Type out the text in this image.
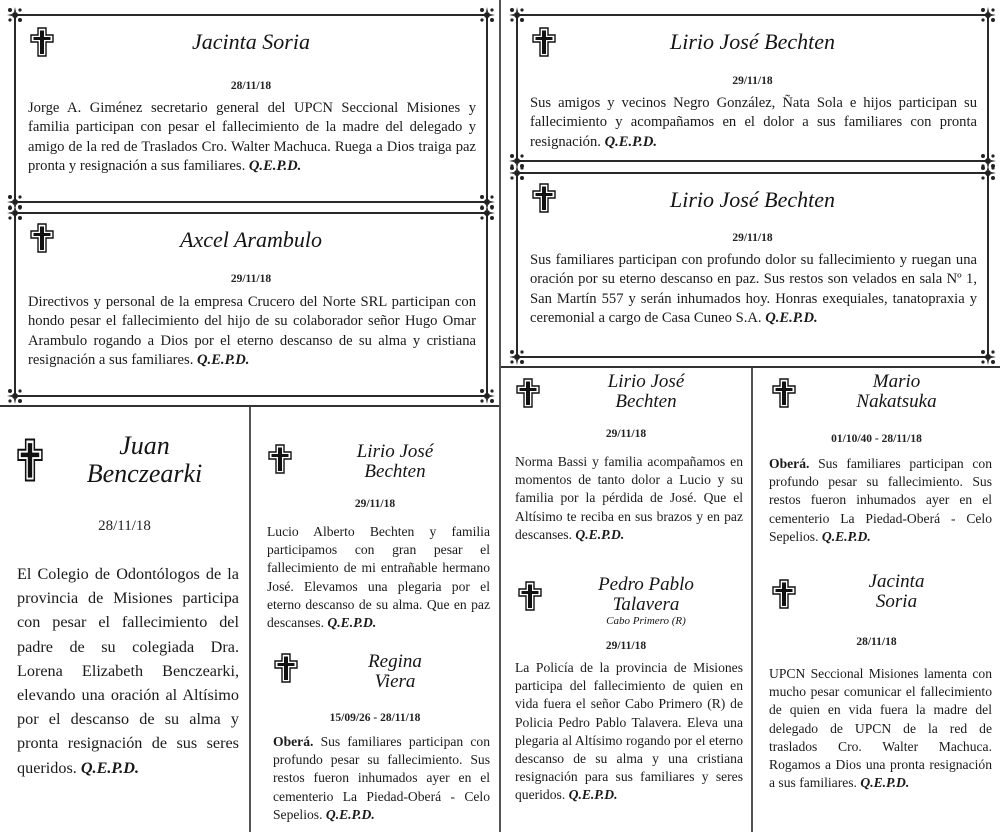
Jacinta Soria
28/11/18
Jorge A. Giménez secretario general del UPCN Seccional Misiones y familia participan con pesar el fallecimiento de la madre del delegado y amigo de la red de Traslados Cro. Walter Machuca. Ruega a Dios traiga paz pronta y resignación a sus familiares. Q.E.P.D.
Axcel Arambulo
29/11/18
Directivos y personal de la empresa Crucero del Norte SRL participan con hondo pesar el fallecimiento del hijo de su colaborador señor Hugo Omar Arambulo rogando a Dios por el eterno descanso de su alma y cristiana resignación a sus familiares. Q.E.P.D.
Juan
Benczearki
28/11/18
El Colegio de Odontólogos de la provincia de Misiones participa con pesar el fallecimiento del padre de su colegiada Dra. Lorena Elizabeth Benczearki, elevando una oración al Altísimo por el descanso de su alma y pronta resignación de sus seres queridos. Q.E.P.D.
Lirio José
Bechten
29/11/18
Lucio Alberto Bechten y familia participamos con gran pesar el fallecimiento de mi entrañable hermano José. Elevamos una plegaria por el eterno descanso de su alma. Que en paz descanses. Q.E.P.D.
Regina
Viera
15/09/26 - 28/11/18
Oberá. Sus familiares participan con profundo pesar su fallecimiento. Sus restos fueron inhumados ayer en el cementerio La Piedad-Oberá - Celo Sepelios. Q.E.P.D.
Lirio José Bechten
29/11/18
Sus amigos y vecinos Negro González, Ñata Sola e hijos participan su fallecimiento y acompañamos en el dolor a sus familiares con pronta resignación. Q.E.P.D.
Lirio José Bechten
29/11/18
Sus familiares participan con profundo dolor su fallecimiento y ruegan una oración por su eterno descanso en paz. Sus restos son velados en sala Nº 1, San Martín 557 y serán inhumados hoy. Honras exequiales, tanatopraxia y ceremonial a cargo de Casa Cuneo S.A. Q.E.P.D.
Lirio José
Bechten
29/11/18
Norma Bassi y familia acompañamos en momentos de tanto dolor a Lucio y su familia por la pérdida de José. Que el Altísimo te reciba en sus brazos y en paz descanses. Q.E.P.D.
Pedro Pablo
Talavera
Cabo Primero (R)
29/11/18
La Policía de la provincia de Misiones participa del fallecimiento de quien en vida fuera el señor Cabo Primero (R) de Policia Pedro Pablo Talavera. Eleva una plegaria al Altísimo rogando por el eterno descanso de su alma y una cristiana resignación para sus familiares y seres queridos. Q.E.P.D.
Mario
Nakatsuka
01/10/40 - 28/11/18
Oberá. Sus familiares participan con profundo pesar su fallecimiento. Sus restos fueron inhumados ayer en el cementerio La Piedad-Oberá - Celo Sepelios. Q.E.P.D.
Jacinta
Soria
28/11/18
UPCN Seccional Misiones lamenta con mucho pesar comunicar el fallecimiento de quien en vida fuera la madre del delegado de UPCN de la red de traslados Cro. Walter Machuca. Rogamos a Dios una pronta resignación a sus familiares. Q.E.P.D.
